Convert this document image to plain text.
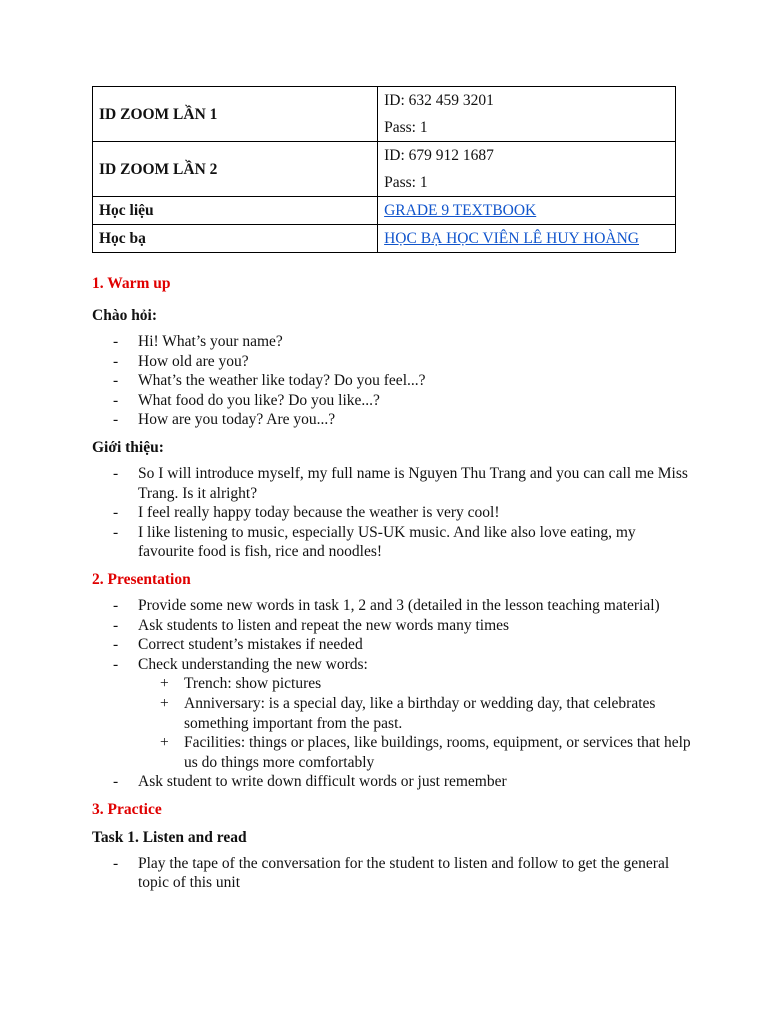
ID ZOOM LẦN 1	ID: 632 459 3201
Pass: 1

ID ZOOM LẦN 2	ID: 679 912 1687
Pass: 1

Học liệu	GRADE 9 TEXTBOOK
Học bạ	HỌC BẠ HỌC VIÊN LÊ HUY HOÀNG

1. Warm up

Chào hỏi:

- Hi! What’s your name?
- How old are you?
- What’s the weather like today? Do you feel...?
- What food do you like? Do you like...?
- How are you today? Are you...?

Giới thiệu:

- So I will introduce myself, my full name is Nguyen Thu Trang and you can call me Miss Trang. Is it alright?
- I feel really happy today because the weather is very cool!
- I like listening to music, especially US-UK music. And like also love eating, my favourite food is fish, rice and noodles!

2. Presentation

- Provide some new words in task 1, 2 and 3 (detailed in the lesson teaching material)
- Ask students to listen and repeat the new words many times
- Correct student’s mistakes if needed
- Check understanding the new words:
+ Trench: show pictures
+ Anniversary: is a special day, like a birthday or wedding day, that celebrates something important from the past.
+ Facilities: things or places, like buildings, rooms, equipment, or services that help us do things more comfortably
- Ask student to write down difficult words or just remember

3. Practice

Task 1. Listen and read

- Play the tape of the conversation for the student to listen and follow to get the general topic of this unit
